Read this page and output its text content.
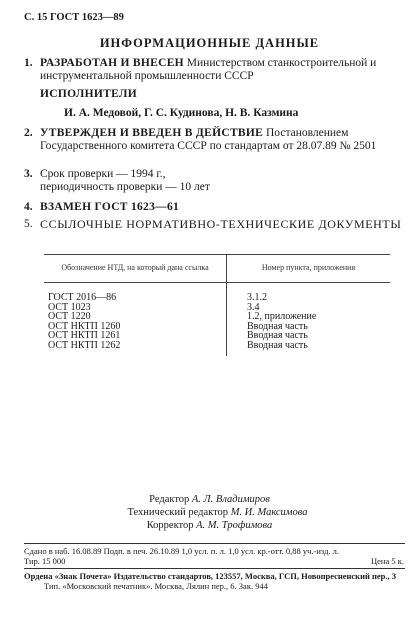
С. 15 ГОСТ 1623—89
ИНФОРМАЦИОННЫЕ ДАННЫЕ
1. РАЗРАБОТАН И ВНЕСЕН Министерством станкостроительной и инструментальной промышленности СССР
ИСПОЛНИТЕЛИ
И. А. Медовой, Г. С. Кудинова, Н. В. Казмина
2. УТВЕРЖДЕН И ВВЕДЕН В ДЕЙСТВИЕ Постановлением Государственного комитета СССР по стандартам от 28.07.89 № 2501
3. Срок проверки — 1994 г.,
периодичность проверки — 10 лет
4. ВЗАМЕН ГОСТ 1623—61
5. ССЫЛОЧНЫЕ НОРМАТИВНО-ТЕХНИЧЕСКИЕ ДОКУМЕНТЫ
Обозначение НТД, на который дана ссылка	Номер пункта, приложения
ГОСТ 2016—86	3.1.2
ОСТ 1023	3.4
ОСТ 1220	1.2, приложение
ОСТ НКТП 1260	Вводная часть
ОСТ НКТП 1261	Вводная часть
ОСТ НКТП 1262	Вводная часть
Редактор А. Л. Владимиров
Технический редактор М. И. Максимова
Корректор А. М. Трофимова
Сдано в наб. 16.08.89 Подп. в печ. 26.10.89 1,0 усл. п. л. 1,0 усл. кр.-отт. 0,88 уч.-изд. л.
Тир. 15 000	Цена 5 к.
Ордена «Знак Почета» Издательство стандартов, 123557, Москва, ГСП, Новопресненский пер., 3
Тип. «Московский печатник». Москва, Лялин пер., 6. Зак. 944
